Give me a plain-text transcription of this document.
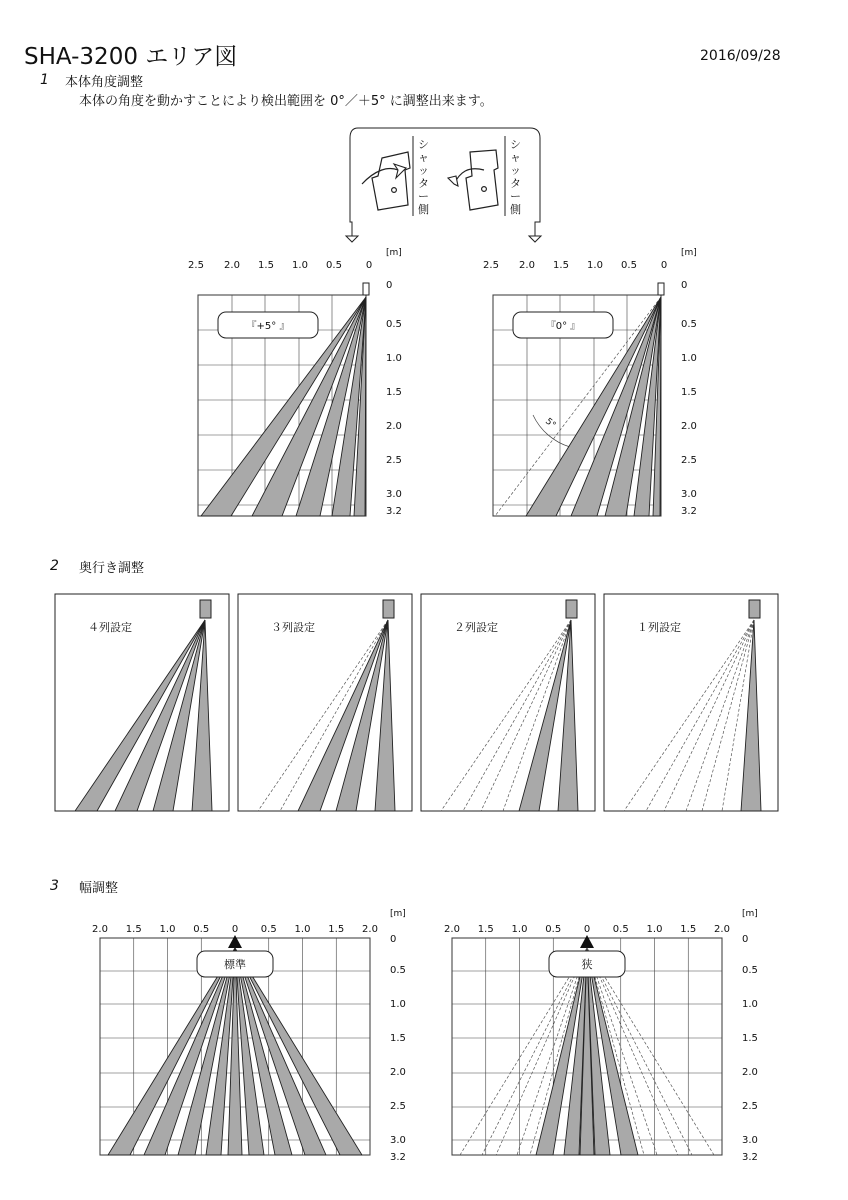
SHA-3200 エリア図	2016/09/28
1 本体角度調整
本体の角度を動かすことにより検出範囲を 0°／＋5° に調整出来ます。
2 奥行き調整
3 幅調整
シャッター側
シャッター側
2.5 2.0 1.5 1.0 0.5 0
[m]
0
0.5
1.0
1.5
2.0
2.5
3.0
3.2
『+5° 』
2.5 2.0 1.5 1.0 0.5 0
[m]
0
0.5
1.0
1.5
2.0
2.5
3.0
3.2
『0° 』
5°
４列設定	３列設定	２列設定	１列設定
2.0 1.5 1.0 0.5 0 0.5 1.0 1.5 2.0
[m]
0
0.5
1.0
1.5
2.0
2.5
3.0
3.2
標準
2.0 1.5 1.0 0.5 0 0.5 1.0 1.5 2.0
[m]
0
0.5
1.0
1.5
2.0
2.5
3.0
3.2
狭
